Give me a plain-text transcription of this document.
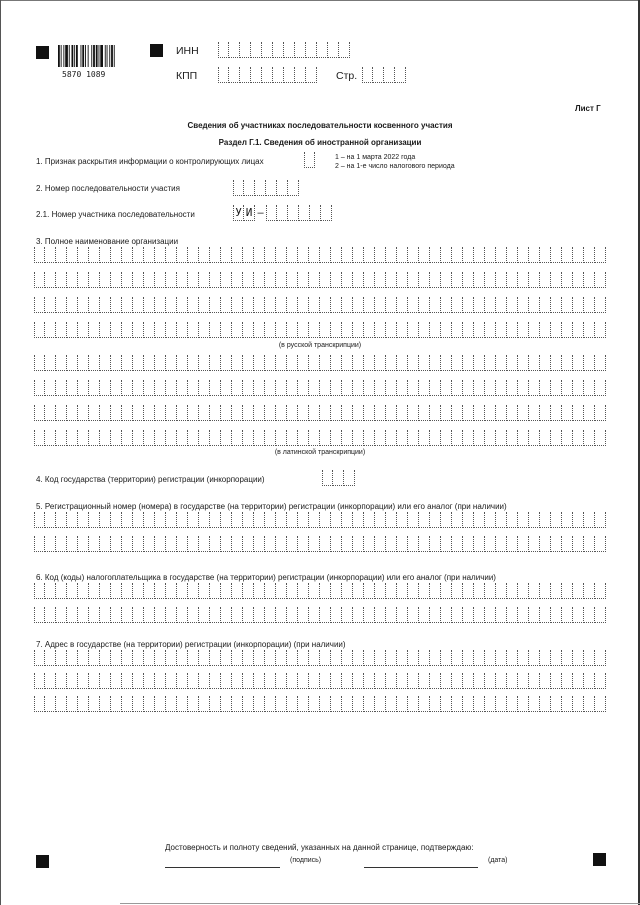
5870 1089
ИНН
КПП	Стр.
Лист Г
Сведения об участниках последовательности косвенного участия
Раздел Г.1. Сведения об иностранной организации
1. Признак раскрытия информации о контролирующих лицах	1 – на 1 марта 2022 года
2 – на 1-е число налогового периода
2. Номер последовательности участия
2.1. Номер участника последовательности	У И –
3. Полное наименование организации
(в русской транскрипции)
(в латинской транскрипции)
4. Код государства (территории) регистрации (инкорпорации)
5. Регистрационный номер (номера) в государстве (на территории) регистрации (инкорпорации) или его аналог (при наличии)
6. Код (коды) налогоплательщика в государстве (на территории) регистрации (инкорпорации) или его аналог (при наличии)
7. Адрес в государстве (на территории) регистрации (инкорпорации) (при наличии)
Достоверность и полноту сведений, указанных на данной странице, подтверждаю:
(подпись)	(дата)
